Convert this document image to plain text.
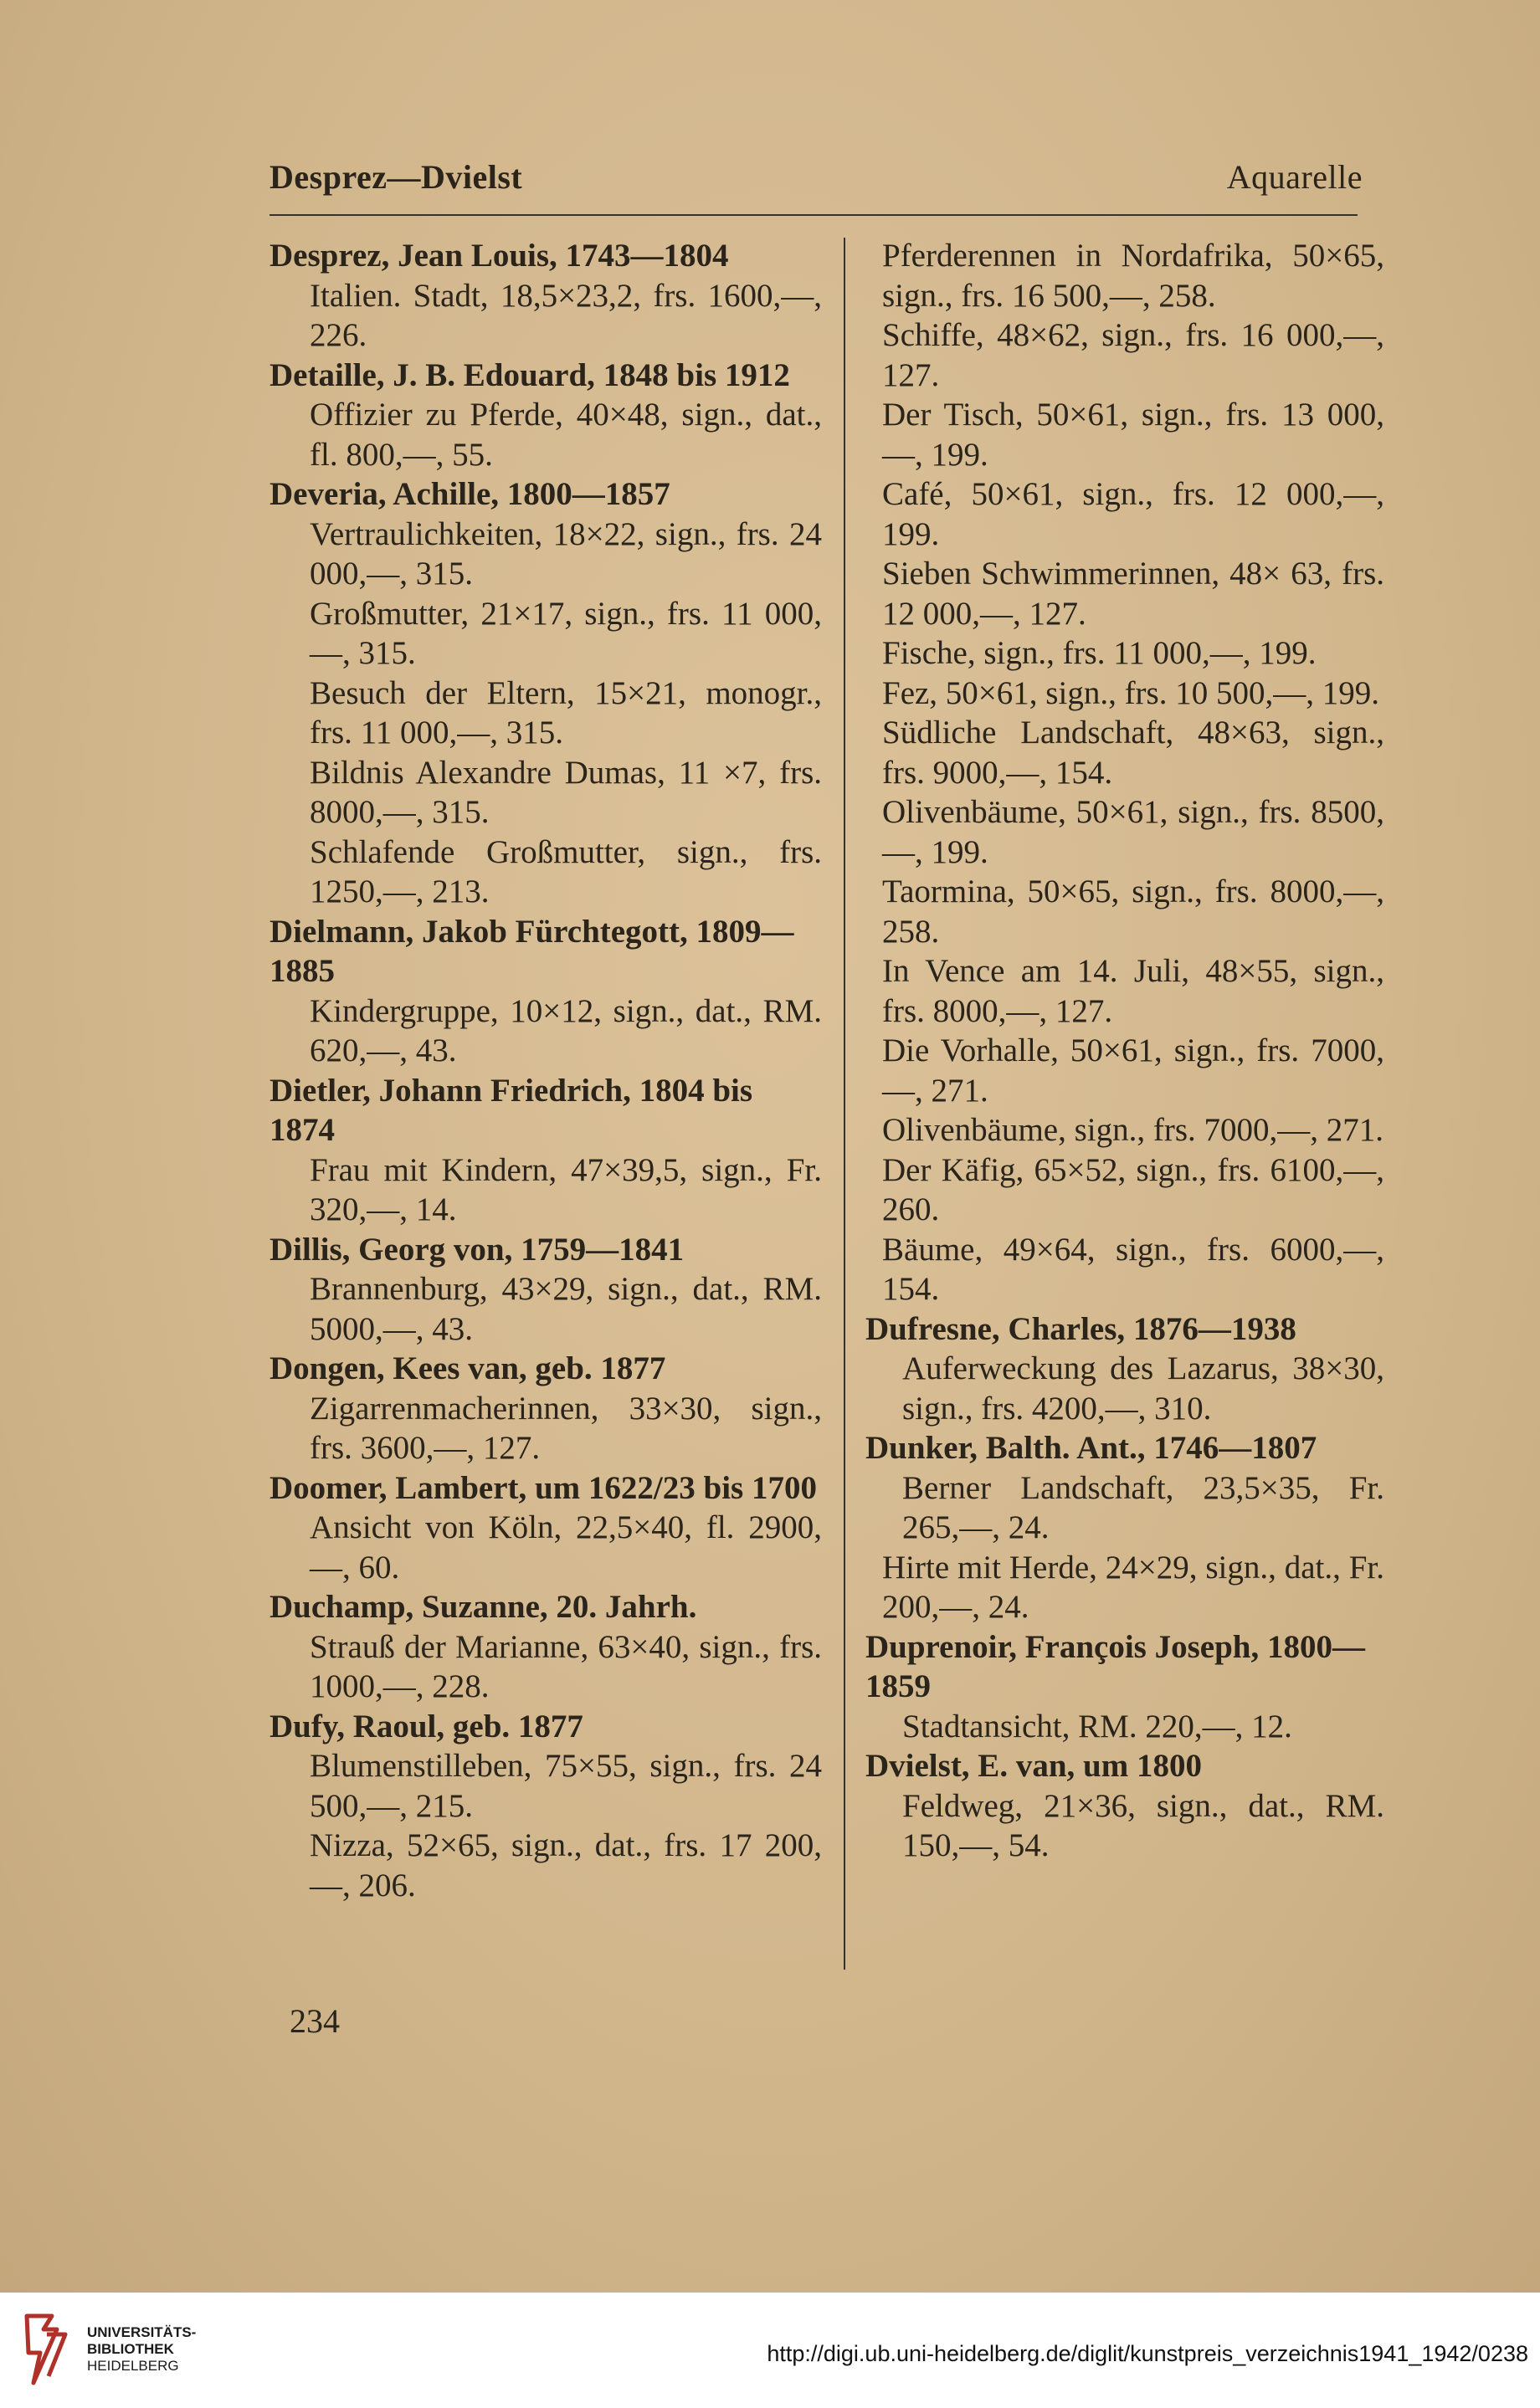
Desprez—Dvielst	Aquarelle
Desprez, Jean Louis, 1743—1804
Italien. Stadt, 18,5×23,2, frs. 1600,—, 226.
Detaille, J. B. Edouard, 1848 bis 1912
Offizier zu Pferde, 40×48, sign., dat., fl. 800,—, 55.
Deveria, Achille, 1800—1857
Vertraulichkeiten, 18×22, sign., frs. 24 000,—, 315.
Großmutter, 21×17, sign., frs. 11 000,—, 315.
Besuch der Eltern, 15×21, monogr., frs. 11 000,—, 315.
Bildnis Alexandre Dumas, 11 ×7, frs. 8000,—, 315.
Schlafende Großmutter, sign., frs. 1250,—, 213.
Dielmann, Jakob Fürchtegott, 1809—1885
Kindergruppe, 10×12, sign., dat., RM. 620,—, 43.
Dietler, Johann Friedrich, 1804 bis 1874
Frau mit Kindern, 47×39,5, sign., Fr. 320,—, 14.
Dillis, Georg von, 1759—1841
Brannenburg, 43×29, sign., dat., RM. 5000,—, 43.
Dongen, Kees van, geb. 1877
Zigarrenmacherinnen, 33×30, sign., frs. 3600,—, 127.
Doomer, Lambert, um 1622/23 bis 1700
Ansicht von Köln, 22,5×40, fl. 2900,—, 60.
Duchamp, Suzanne, 20. Jahrh.
Strauß der Marianne, 63×40, sign., frs. 1000,—, 228.
Dufy, Raoul, geb. 1877
Blumenstilleben, 75×55, sign., frs. 24 500,—, 215.
Nizza, 52×65, sign., dat., frs. 17 200,—, 206.
Pferderennen in Nordafrika, 50×65, sign., frs. 16 500,—, 258.
Schiffe, 48×62, sign., frs. 16 000,—, 127.
Der Tisch, 50×61, sign., frs. 13 000,—, 199.
Café, 50×61, sign., frs. 12 000,—, 199.
Sieben Schwimmerinnen, 48× 63, frs. 12 000,—, 127.
Fische, sign., frs. 11 000,—, 199.
Fez, 50×61, sign., frs. 10 500,—, 199.
Südliche Landschaft, 48×63, sign., frs. 9000,—, 154.
Olivenbäume, 50×61, sign., frs. 8500,—, 199.
Taormina, 50×65, sign., frs. 8000,—, 258.
In Vence am 14. Juli, 48×55, sign., frs. 8000,—, 127.
Die Vorhalle, 50×61, sign., frs. 7000,—, 271.
Olivenbäume, sign., frs. 7000,—, 271.
Der Käfig, 65×52, sign., frs. 6100,—, 260.
Bäume, 49×64, sign., frs. 6000,—, 154.
Dufresne, Charles, 1876—1938
Auferweckung des Lazarus, 38×30, sign., frs. 4200,—, 310.
Dunker, Balth. Ant., 1746—1807
Berner Landschaft, 23,5×35, Fr. 265,—, 24.
Hirte mit Herde, 24×29, sign., dat., Fr. 200,—, 24.
Duprenoir, François Joseph, 1800—1859
Stadtansicht, RM. 220,—, 12.
Dvielst, E. van, um 1800
Feldweg, 21×36, sign., dat., RM. 150,—, 54.
234
UNIVERSITÄTS-
BIBLIOTHEK
HEIDELBERG	http://digi.ub.uni-heidelberg.de/diglit/kunstpreis_verzeichnis1941_1942/0238
